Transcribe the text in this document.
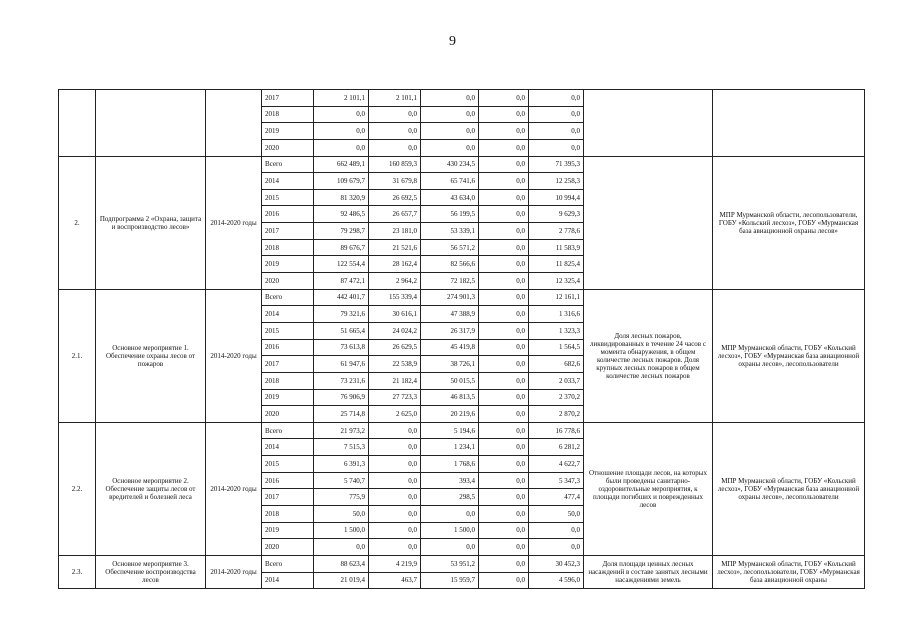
9
			2017	2 101,1	2 101,1	0,0	0,0	0,0		
			2018	0,0	0,0	0,0	0,0	0,0		
			2019	0,0	0,0	0,0	0,0	0,0		
			2020	0,0	0,0	0,0	0,0	0,0		
2.	Подпрограмма 2 «Охрана, защита и воспроизводство лесов»	2014-2020 годы	Всего	662 489,1	160 859,3	430 234,5	0,0	71 395,3		МПР Мурманской области, лесопользователи, ГОБУ «Кольский лесхоз», ГОБУ «Мурманская база авиационной охраны лесов»
			2014	109 679,7	31 679,8	65 741,6	0,0	12 258,3		
			2015	81 320,9	26 692,5	43 634,0	0,0	10 994,4		
			2016	92 486,5	26 657,7	56 199,5	0,0	9 629,3		
			2017	79 298,7	23 181,0	53 339,1	0,0	2 778,6		
			2018	89 676,7	21 521,6	56 571,2	0,0	11 583,9		
			2019	122 554,4	28 162,4	82 566,6	0,0	11 825,4		
			2020	87 472,1	2 964,2	72 182,5	0,0	12 325,4		
2.1.	Основное мероприятие 1. Обеспечение охраны лесов от пожаров	2014-2020 годы	Всего	442 401,7	155 339,4	274 901,3	0,0	12 161,1	Доля лесных пожаров, ликвидированных в течение 24 часов с момента обнаружения, в общем количестве лесных пожаров. Доля крупных лесных пожаров в общем количестве лесных пожаров	МПР Мурманской области, ГОБУ «Кольский лесхоз», ГОБУ «Мурманская база авиационной охраны лесов», лесопользователи
			2014	79 321,6	30 616,1	47 388,9	0,0	1 316,6		
			2015	51 665,4	24 024,2	26 317,9	0,0	1 323,3		
			2016	73 613,8	26 629,5	45 419,8	0,0	1 564,5		
			2017	61 947,6	22 538,9	38 726,1	0,0	682,6		
			2018	73 231,6	21 182,4	50 015,5	0,0	2 033,7		
			2019	76 906,9	27 723,3	46 813,5	0,0	2 370,2		
			2020	25 714,8	2 625,0	20 219,6	0,0	2 870,2		
2.2.	Основное мероприятие 2. Обеспечение защиты лесов от вредителей и болезней леса	2014-2020 годы	Всего	21 973,2	0,0	5 194,6	0,0	16 778,6	Отношение площади лесов, на которых были проведены санитарно-оздоровительные мероприятия, к площади погибших и поврежденных лесов	МПР Мурманской области, ГОБУ «Кольский лесхоз», ГОБУ «Мурманская база авиационной охраны лесов», лесопользователи
			2014	7 515,3	0,0	1 234,1	0,0	6 281,2		
			2015	6 391,3	0,0	1 768,6	0,0	4 622,7		
			2016	5 740,7	0,0	393,4	0,0	5 347,3		
			2017	775,9	0,0	298,5	0,0	477,4		
			2018	50,0	0,0	0,0	0,0	50,0		
			2019	1 500,0	0,0	1 500,0	0,0	0,0		
			2020	0,0	0,0	0,0	0,0	0,0		
2.3.	Основное мероприятие 3. Обеспечение воспроизводства лесов	2014-2020 годы	Всего	88 623,4	4 219,9	53 951,2	0,0	30 452,3	Доля площади ценных лесных насаждений в составе занятых лесными насаждениями земель	МПР Мурманской области, ГОБУ «Кольский лесхоз», лесопользователи, ГОБУ «Мурманская база авиационной охраны
			2014	21 019,4	463,7	15 959,7	0,0	4 596,0		
